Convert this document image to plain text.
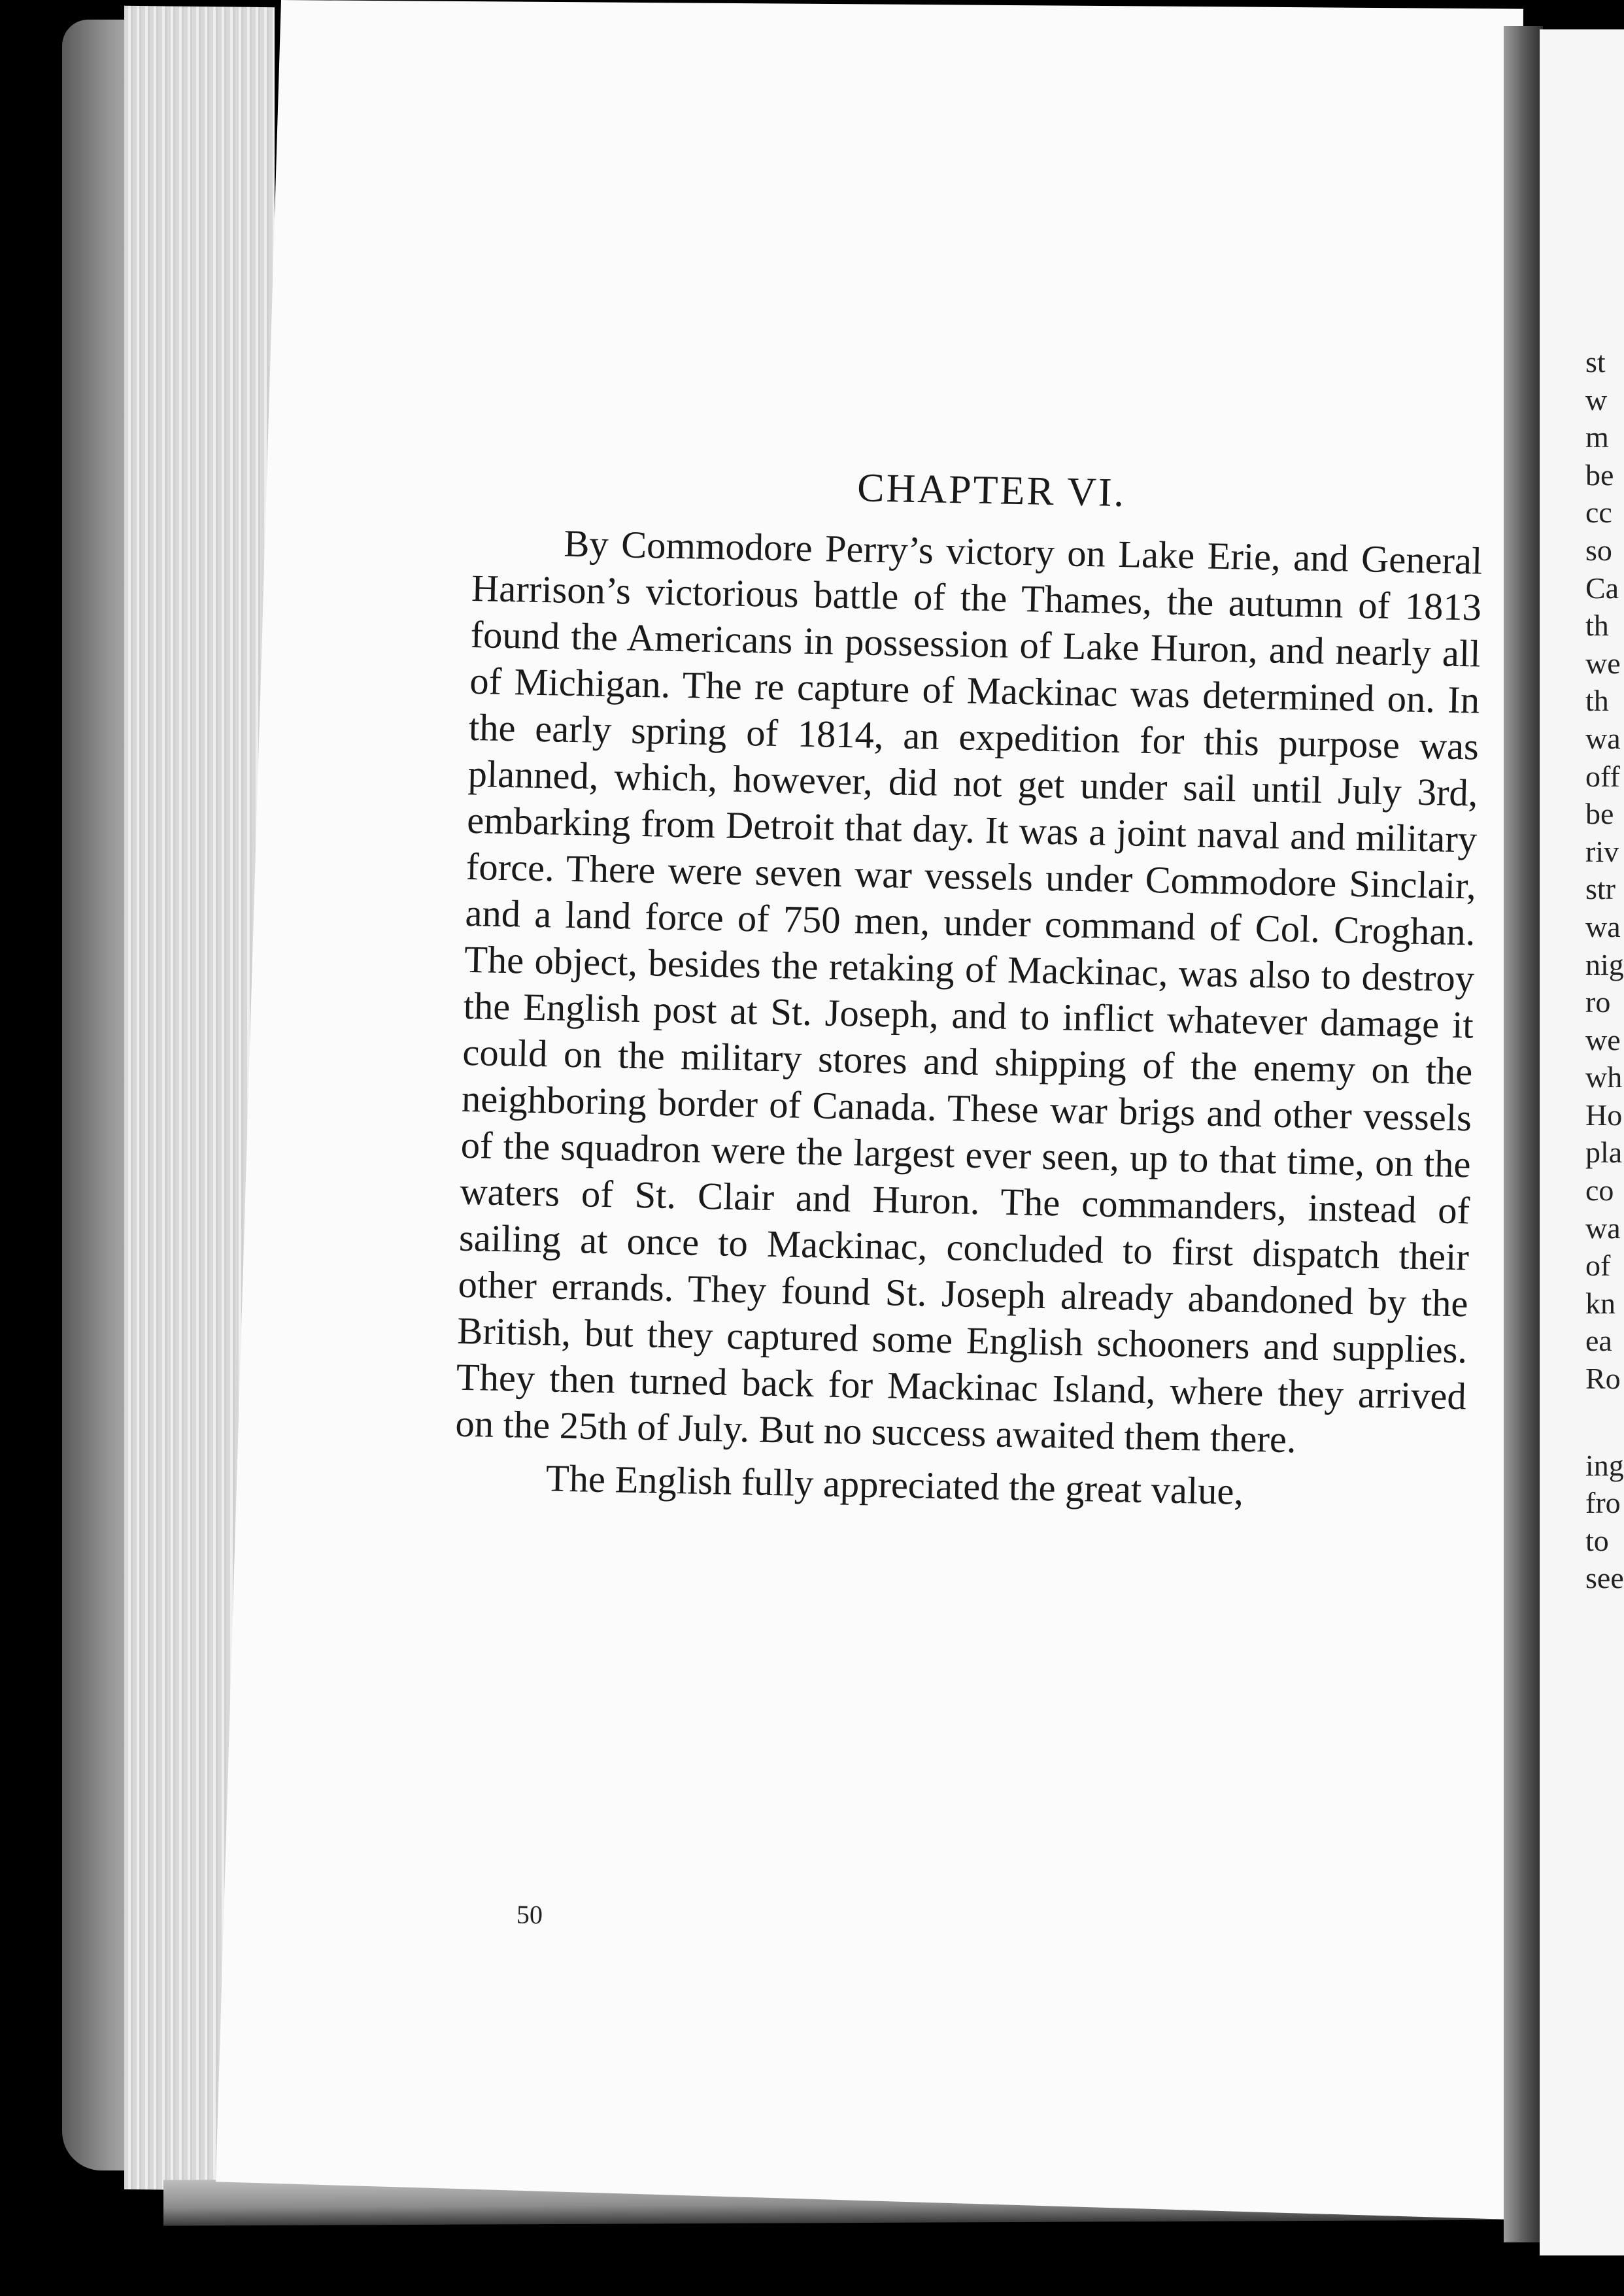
CHAPTER VI.

By Commodore Perry’s victory on Lake Erie, and General Harrison’s victorious battle of the Thames, the autumn of 1813 found the Americans in possession of Lake Huron, and nearly all of Michigan. The re capture of Mackinac was determined on. In the early spring of 1814, an expedition for this purpose was planned, which, however, did not get under sail until July 3rd, embarking from Detroit that day. It was a joint naval and military force. There were seven war vessels under Commodore Sinclair, and a land force of 750 men, under command of Col. Croghan. The object, besides the retaking of Mackinac, was also to destroy the English post at St. Joseph, and to inflict whatever damage it could on the military stores and shipping of the enemy on the neighboring border of Canada. These war brigs and other vessels of the squadron were the largest ever seen, up to that time, on the waters of St. Clair and Huron. The commanders, instead of sailing at once to Mackinac, concluded to first dispatch their other errands. They found St. Joseph already abandoned by the British, but they captured some English schooners and supplies. They then turned back for Mackinac Island, where they arrived on the 25th of July. But no success awaited them there.

The English fully appreciated the great value,

50
st
w
m
be
cc
so
Ca
th
we
th
wa
off
be
riv
str
wa
nig
ro
we
wh
Ho
pla
co
wa
of
kn
ea
Ro
ing
fro
to
see
